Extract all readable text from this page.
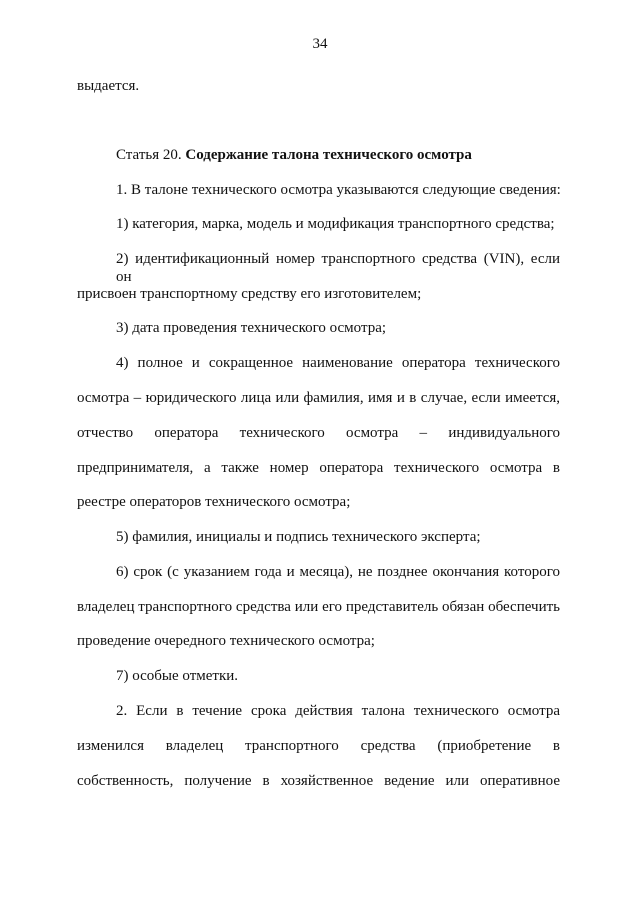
34
выдается.
Статья 20. Содержание талона технического осмотра
1. В талоне технического осмотра указываются следующие сведения:
1) категория, марка, модель и модификация транспортного средства;
2) идентификационный номер транспортного средства (VIN), если он
присвоен транспортному средству его изготовителем;
3) дата проведения технического осмотра;
4) полное и сокращенное наименование оператора технического
осмотра – юридического лица или фамилия, имя и в случае, если имеется,
отчество оператора технического осмотра – индивидуального
предпринимателя, а также номер оператора технического осмотра в
реестре операторов технического осмотра;
5) фамилия, инициалы и подпись технического эксперта;
6) срок (с указанием года и месяца), не позднее окончания которого
владелец транспортного средства или его представитель обязан обеспечить
проведение очередного технического осмотра;
7) особые отметки.
2. Если в течение срока действия талона технического осмотра
изменился владелец транспортного средства (приобретение в
собственность, получение в хозяйственное ведение или оперативное
